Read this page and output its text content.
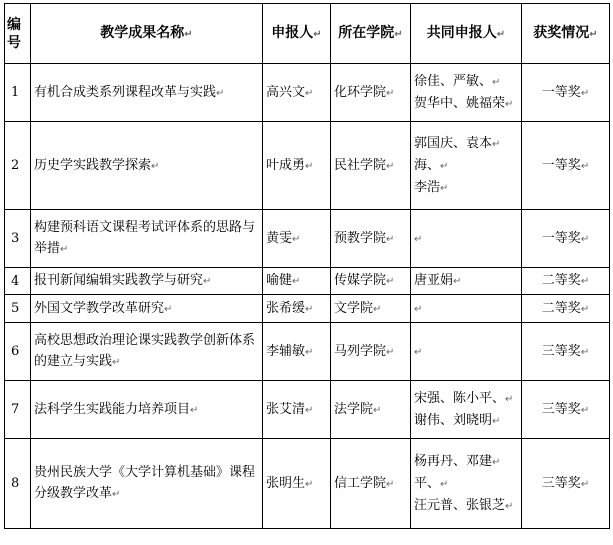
编号	教学成果名称↵	申报人↵	所在学院↵	共同申报人↵	获奖情况↵
1	有机合成类系列课程改革与实践↵	高兴文↵	化环学院↵	徐佳、严敏、↵
贺华中、姚福荣↵	一等奖↵
2	历史学实践教学探索↵	叶成勇↵	民社学院↵	郭国庆、袁本↵
海、↵
李浩↵	一等奖↵
3	构建预科语文课程考试评体系的思路与举措↵	黄雯↵	预教学院↵	↵	一等奖↵
4	报刊新闻编辑实践教学与研究↵	喻健↵	传媒学院↵	唐亚娟↵	二等奖↵
5	外国文学教学改革研究↵	张希缓↵	文学院↵	↵	二等奖↵
6	高校思想政治理论课实践教学创新体系的建立与实践↵	李辅敏↵	马列学院↵	↵	三等奖↵
7	法科学生实践能力培养项目↵	张艾清↵	法学院↵	宋强、陈小平、↵
谢伟、刘晓明↵	三等奖↵
8	贵州民族大学《大学计算机基础》课程分级教学改革↵	张明生↵	信工学院↵	杨再丹、邓建↵
平、↵
汪元普、张银芝↵	三等奖↵
